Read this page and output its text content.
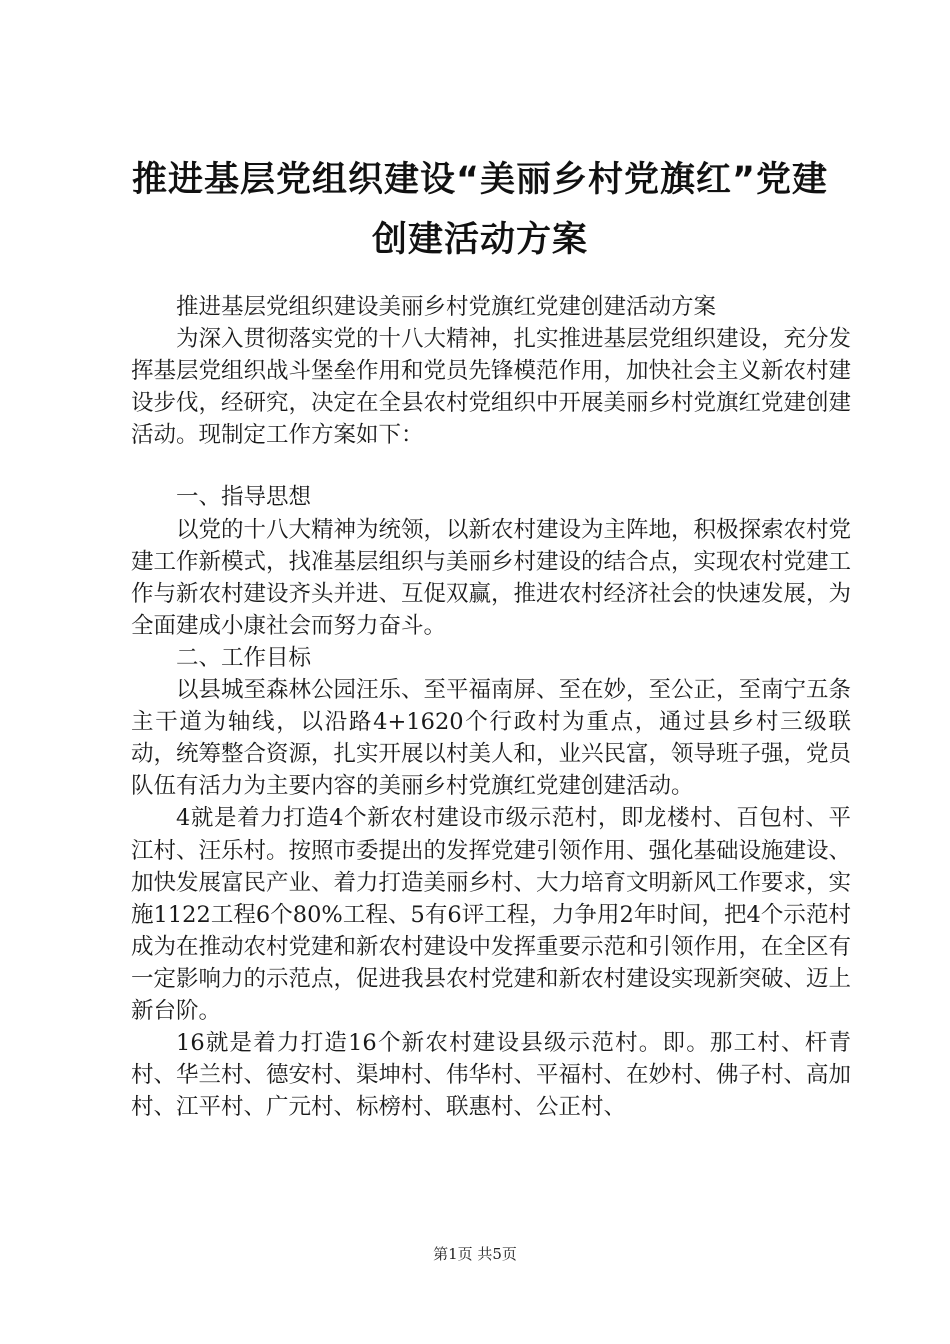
推进基层党组织建设“美丽乡村党旗红”党建
创建活动方案

推进基层党组织建设美丽乡村党旗红党建创建活动方案

为深入贯彻落实党的十八大精神，扎实推进基层党组织建设，充分发挥基层党组织战斗堡垒作用和党员先锋模范作用，加快社会主义新农村建设步伐，经研究，决定在全县农村党组织中开展美丽乡村党旗红党建创建活动。现制定工作方案如下：

一、指导思想

以党的十八大精神为统领，以新农村建设为主阵地，积极探索农村党建工作新模式，找准基层组织与美丽乡村建设的结合点，实现农村党建工作与新农村建设齐头并进、互促双赢，推进农村经济社会的快速发展，为全面建成小康社会而努力奋斗。

二、工作目标

以县城至森林公园汪乐、至平福南屏、至在妙，至公正，至南宁五条主干道为轴线，以沿路4+1620个行政村为重点，通过县乡村三级联动，统筹整合资源，扎实开展以村美人和，业兴民富，领导班子强，党员队伍有活力为主要内容的美丽乡村党旗红党建创建活动。

4就是着力打造4个新农村建设市级示范村，即龙楼村、百包村、平江村、汪乐村。按照市委提出的发挥党建引领作用、强化基础设施建设、加快发展富民产业、着力打造美丽乡村、大力培育文明新风工作要求，实施1122工程6个80%工程、5有6评工程，力争用2年时间，把4个示范村成为在推动农村党建和新农村建设中发挥重要示范和引领作用，在全区有一定影响力的示范点，促进我县农村党建和新农村建设实现新突破、迈上新台阶。

16就是着力打造16个新农村建设县级示范村。即。那工村、杆青村、华兰村、德安村、渠坤村、伟华村、平福村、在妙村、佛子村、高加村、江平村、广元村、标榜村、联惠村、公正村、

第1页 共5页
